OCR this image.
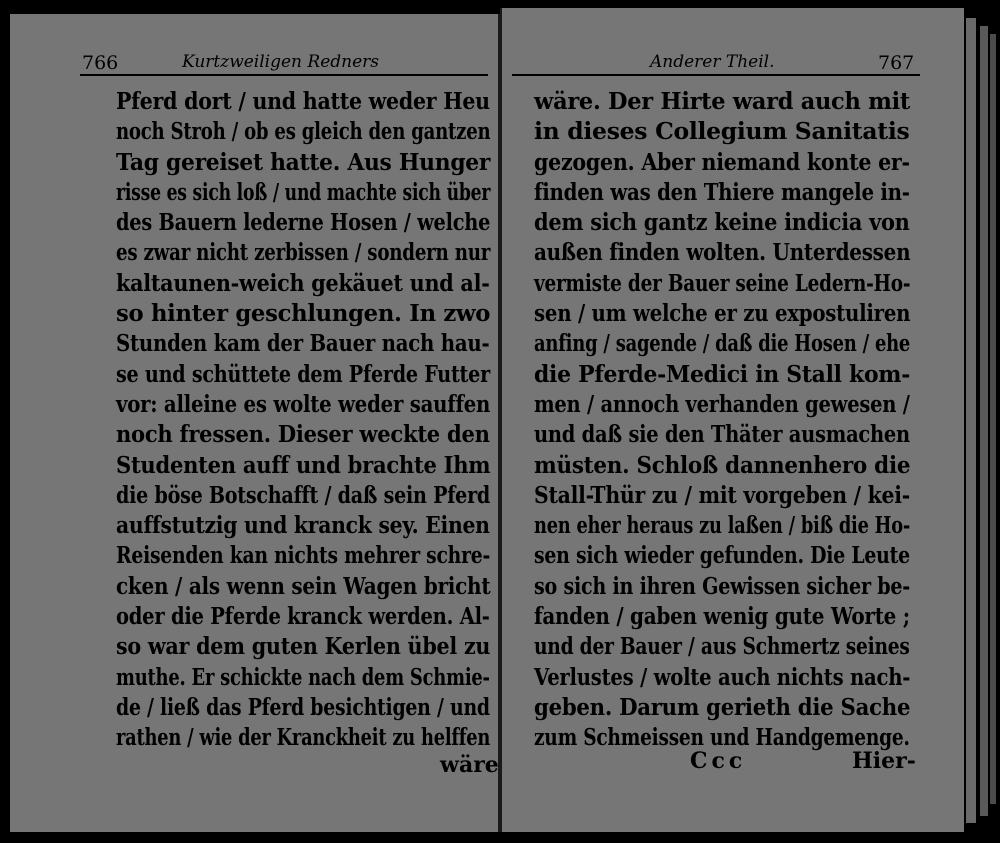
766	Kurtzweiligen Redners	Anderer Theil.	767
Pferd dort / und hatte weder Heu
noch Stroh / ob es gleich den gantzen
Tag gereiset hatte. Aus Hunger
risse es sich loß / und machte sich über
des Bauern lederne Hosen / welche
es zwar nicht zerbissen / sondern nur
kaltaunen-weich gekäuet und al-
so hinter geschlungen. In zwo
Stunden kam der Bauer nach hau-
se und schüttete dem Pferde Futter
vor: alleine es wolte weder sauffen
noch fressen. Dieser weckte den
Studenten auff und brachte Ihm
die böse Botschafft / daß sein Pferd
auffstutzig und kranck sey. Einen
Reisenden kan nichts mehrer schre-
cken / als wenn sein Wagen bricht
oder die Pferde kranck werden. Al-
so war dem guten Kerlen übel zu
muthe. Er schickte nach dem Schmie-
de / ließ das Pferd besichtigen / und
rathen / wie der Kranckheit zu helffen
wäre
wäre. Der Hirte ward auch mit
in dieses Collegium Sanitatis
gezogen. Aber niemand konte er-
finden was den Thiere mangele in-
dem sich gantz keine indicia von
außen finden wolten. Unterdessen
vermiste der Bauer seine Ledern-Ho-
sen / um welche er zu expostuliren
anfing / sagende / daß die Hosen / ehe
die Pferde-Medici in Stall kom-
men / annoch verhanden gewesen /
und daß sie den Thäter ausmachen
müsten. Schloß dannenhero die
Stall-Thür zu / mit vorgeben / kei-
nen eher heraus zu laßen / biß die Ho-
sen sich wieder gefunden. Die Leute
so sich in ihren Gewissen sicher be-
fanden / gaben wenig gute Worte ;
und der Bauer / aus Schmertz seines
Verlustes / wolte auch nichts nach-
geben. Darum gerieth die Sache
zum Schmeissen und Handgemenge.
Ccc	Hier-
